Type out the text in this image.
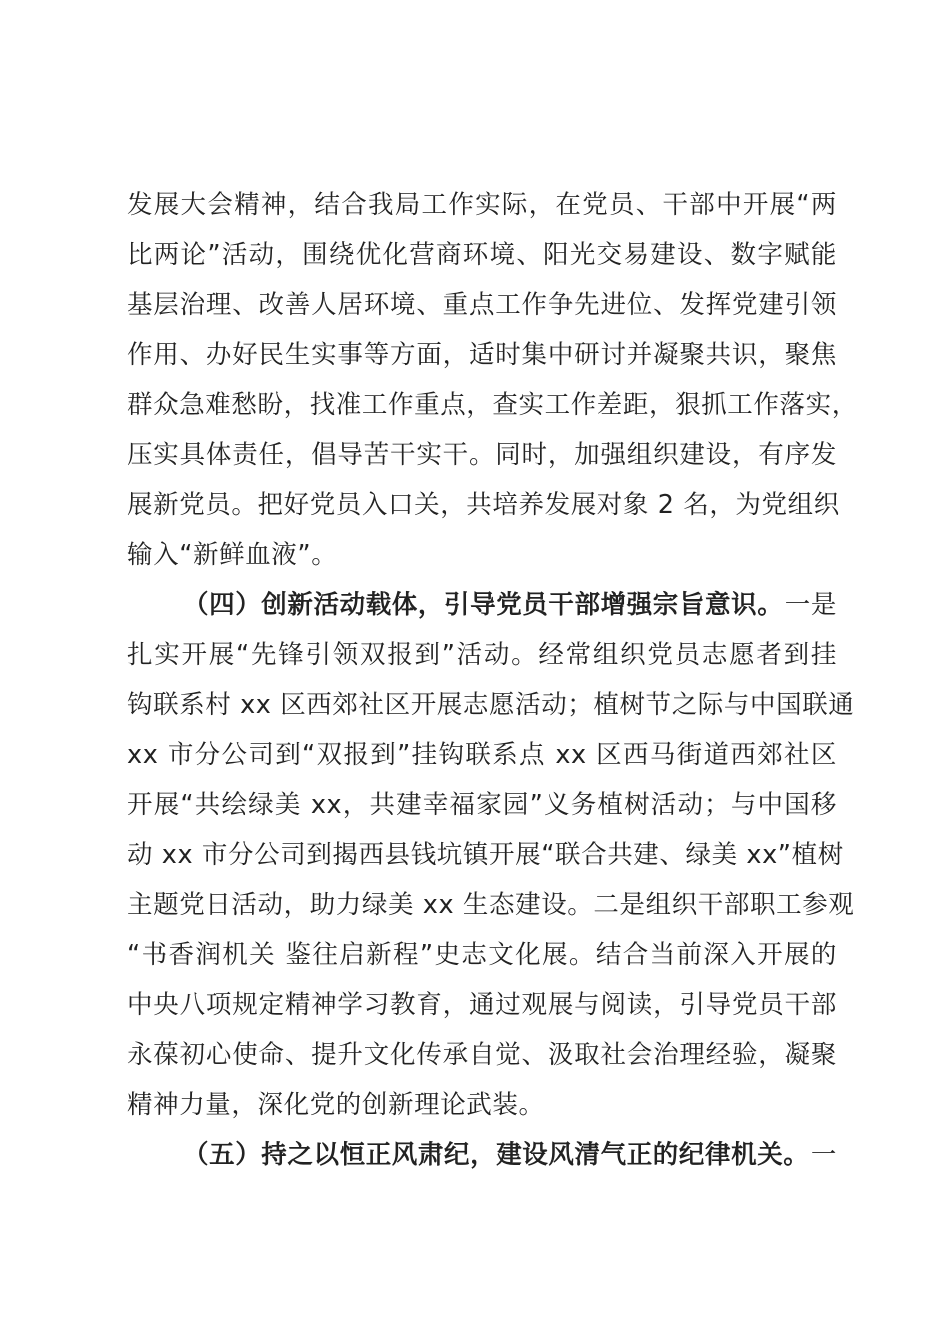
发展大会精神，结合我局工作实际，在党员、干部中开展“两
比两论”活动，围绕优化营商环境、阳光交易建设、数字赋能
基层治理、改善人居环境、重点工作争先进位、发挥党建引领
作用、办好民生实事等方面，适时集中研讨并凝聚共识，聚焦
群众急难愁盼，找准工作重点，查实工作差距，狠抓工作落实，
压实具体责任，倡导苦干实干。同时，加强组织建设，有序发
展新党员。把好党员入口关，共培养发展对象 2 名，为党组织
输入“新鲜血液”。
（四）创新活动载体，引导党员干部增强宗旨意识。 一是
扎实开展“先锋引领双报到”活动。经常组织党员志愿者到挂
钩联系村 xx 区西郊社区开展志愿活动；植树节之际与中国联通
xx 市分公司到“双报到”挂钩联系点 xx 区西马街道西郊社区
开展“共绘绿美 xx，共建幸福家园”义务植树活动；与中国移
动 xx 市分公司到揭西县钱坑镇开展“联合共建、绿美 xx”植树
主题党日活动，助力绿美 xx 生态建设。二是组织干部职工参观
“书香润机关 鉴往启新程”史志文化展。结合当前深入开展的
中央八项规定精神学习教育，通过观展与阅读，引导党员干部
永葆初心使命、提升文化传承自觉、汲取社会治理经验，凝聚
精神力量，深化党的创新理论武装。
（五）持之以恒正风肃纪，建设风清气正的纪律机关。 一
